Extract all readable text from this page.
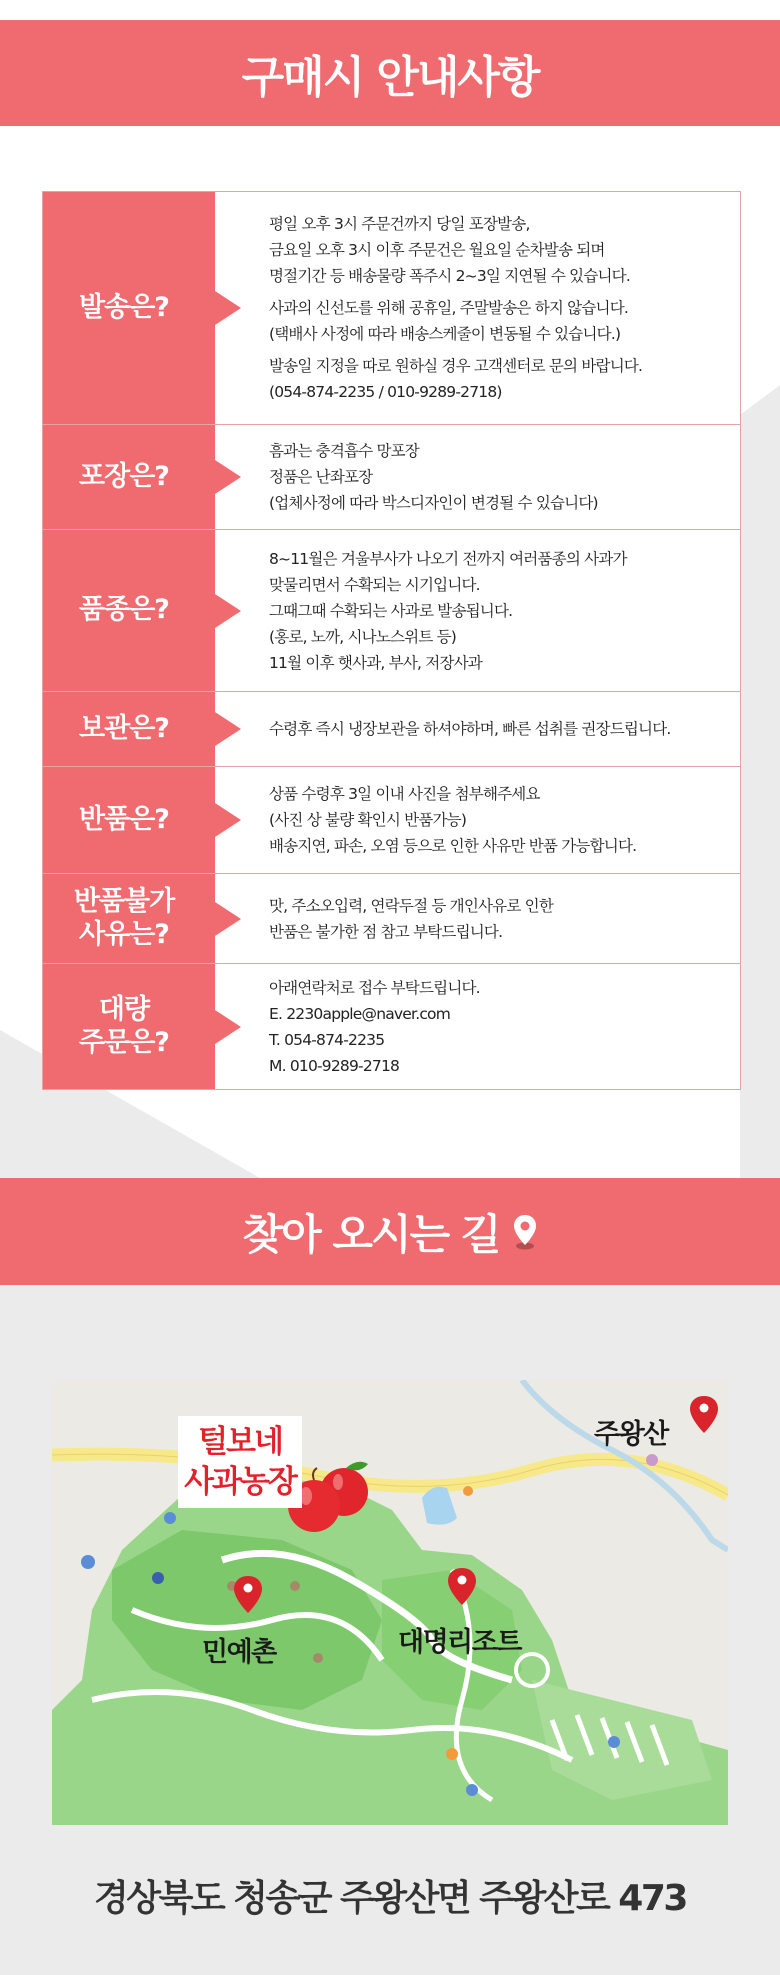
구매시 안내사항
발송은?
평일 오후 3시 주문건까지 당일 포장발송,
금요일 오후 3시 이후 주문건은 월요일 순차발송 되며
명절기간 등 배송물량 폭주시 2~3일 지연될 수 있습니다.
사과의 신선도를 위해 공휴일, 주말발송은 하지 않습니다.
(택배사 사정에 따라 배송스케줄이 변동될 수 있습니다.)
발송일 지정을 따로 원하실 경우 고객센터로 문의 바랍니다.
(054-874-2235 / 010-9289-2718)
포장은?
흠과는 충격흡수 망포장
정품은 난좌포장
(업체사정에 따라 박스디자인이 변경될 수 있습니다)
품종은?
8~11월은 겨울부사가 나오기 전까지 여러품종의 사과가
맞물리면서 수확되는 시기입니다.
그때그때 수확되는 사과로 발송됩니다.
(홍로, 노까, 시나노스위트 등)
11월 이후 햇사과, 부사, 저장사과
보관은?	수령후 즉시 냉장보관을 하셔야하며, 빠른 섭취를 권장드립니다.
반품은?
상품 수령후 3일 이내 사진을 첨부해주세요
(사진 상 불량 확인시 반품가능)
배송지연, 파손, 오염 등으로 인한 사유만 반품 가능합니다.
반품불가
사유는?
맛, 주소오입력, 연락두절 등 개인사유로 인한
반품은 불가한 점 참고 부탁드립니다.
대량
주문은?
아래연락처로 접수 부탁드립니다.
E. 2230apple@naver.com
T. 054-874-2235
M. 010-9289-2718
찾아 오시는 길
털보네
사과농장
주왕산
민예촌	대명리조트
경상북도 청송군 주왕산면 주왕산로 473
